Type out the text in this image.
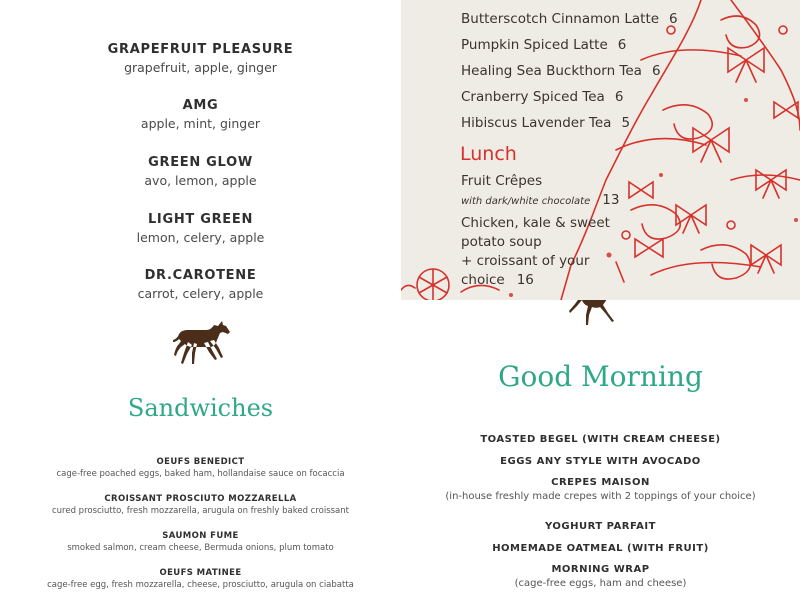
GRAPEFRUIT PLEASURE
grapefruit, apple, ginger
AMG
apple, mint, ginger
GREEN GLOW
avo, lemon, apple
LIGHT GREEN
lemon, celery, apple
DR.CAROTENE
carrot, celery, apple
Butterscotch Cinnamon Latte 6
Pumpkin Spiced Latte 6
Healing Sea Buckthorn Tea 6
Cranberry Spiced Tea 6
Hibiscus Lavender Tea 5
Lunch
Fruit Crêpes
with dark/white chocolate 13
Chicken, kale & sweet
potato soup
+ croissant of your
choice 16
Sandwiches
OEUFS BENEDICT
cage-free poached eggs, baked ham, hollandaise sauce on focaccia
CROISSANT PROSCIUTO MOZZARELLA
cured prosciutto, fresh mozzarella, arugula on freshly baked croissant
SAUMON FUME
smoked salmon, cream cheese, Bermuda onions, plum tomato
OEUFS MATINEE
cage-free egg, fresh mozzarella, cheese, prosciutto, arugula on ciabatta
Good Morning
TOASTED BEGEL (WITH CREAM CHEESE)
EGGS ANY STYLE WITH AVOCADO
CREPES MAISON
(in-house freshly made crepes with 2 toppings of your choice)
YOGHURT PARFAIT
HOMEMADE OATMEAL (WITH FRUIT)
MORNING WRAP
(cage-free eggs, ham and cheese)
